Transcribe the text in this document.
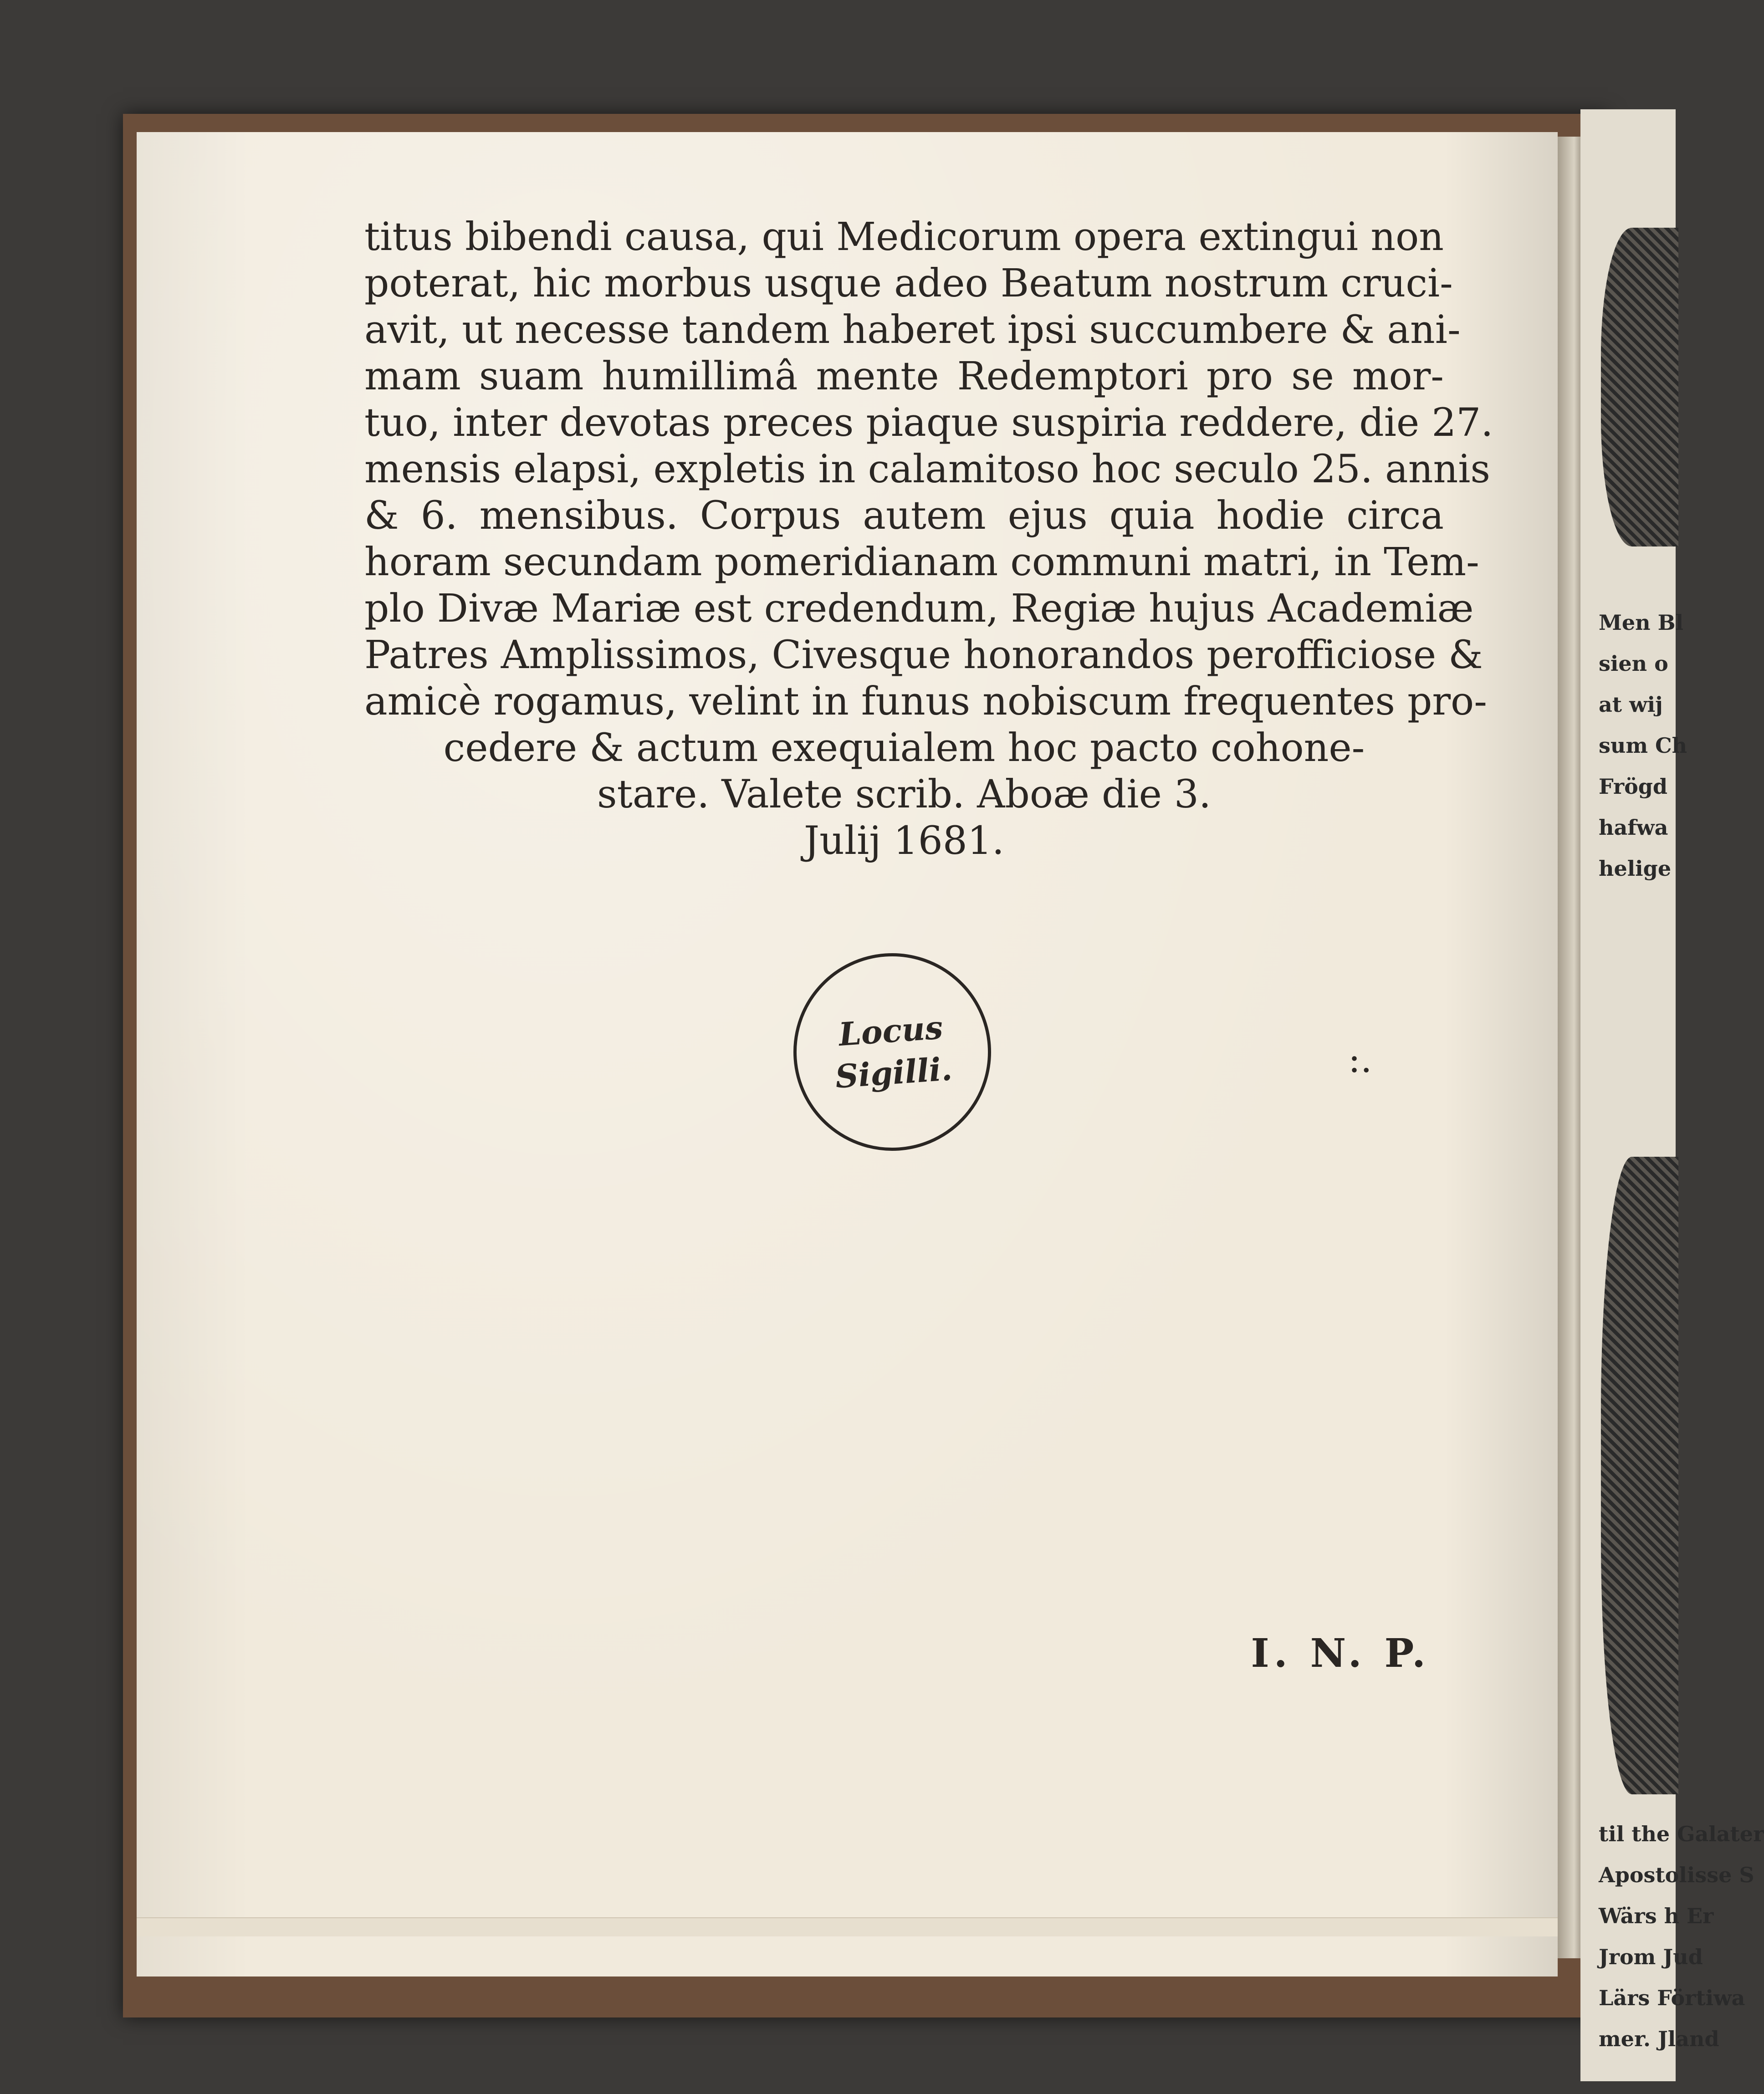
Men Bl
sien o
at wij
sum Ch
Frögd
hafwa
helige
til the Galater
Apostolisse S
Wärs h Er
Jrom Jud
Lärs Förtiwa
mer. Jland
titus bibendi causa, qui Medicorum opera extingui non
poterat, hic morbus usque adeo Beatum nostrum cruci-
avit, ut necesse tandem haberet ipsi succumbere & ani-
mam suam humillimâ mente Redemptori pro se mor-
tuo, inter devotas preces piaque suspiria reddere, die 27.
mensis elapsi, expletis in calamitoso hoc seculo 25. annis
& 6. mensibus. Corpus autem ejus quia hodie circa
horam secundam pomeridianam communi matri, in Tem-
plo Divæ Mariæ est credendum, Regiæ hujus Academiæ
Patres Amplissimos, Civesque honorandos perofficiose &
amicè rogamus, velint in funus nobiscum frequentes pro-
cedere & actum exequialem hoc pacto cohone-
stare. Valete scrib. Aboæ die 3.
Julij 1681.
Locus
Sigilli.	:.
I. N. P.
